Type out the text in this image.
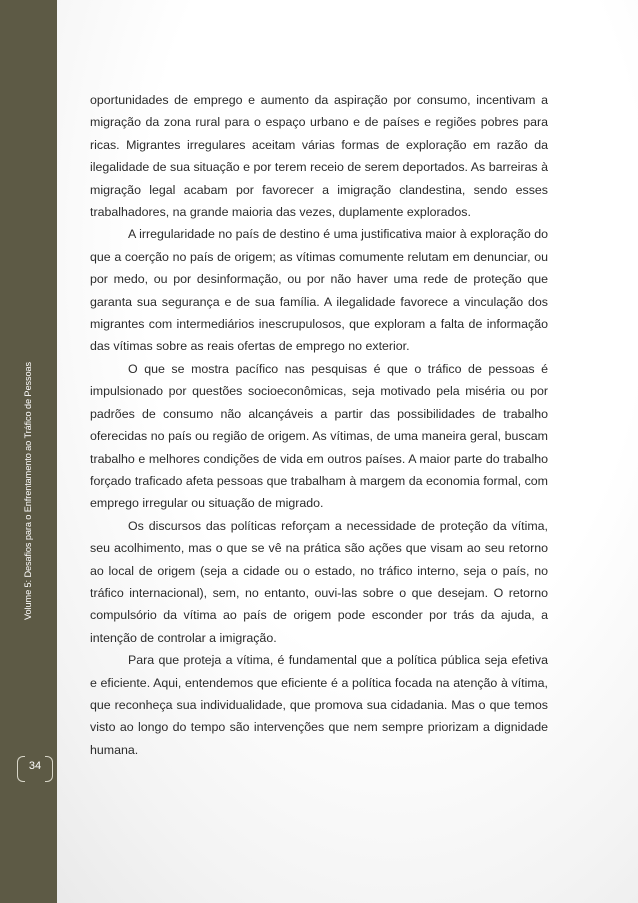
Volume 5: Desafios para o Enfrentamento ao Tráfico de Pessoas
34

oportunidades de emprego e aumento da aspiração por consumo, incentivam a migração da zona rural para o espaço urbano e de países e regiões pobres para ricas. Migrantes irregulares aceitam várias formas de exploração em razão da ilegalidade de sua situação e por terem receio de serem deportados. As barreiras à migração legal acabam por favorecer a imigração clandestina, sendo esses trabalhadores, na grande maioria das vezes, duplamente explorados.

A irregularidade no país de destino é uma justificativa maior à exploração do que a coerção no país de origem; as vítimas comumente relutam em denunciar, ou por medo, ou por desinformação, ou por não haver uma rede de proteção que garanta sua segurança e de sua família. A ilegalidade favorece a vinculação dos migrantes com intermediários inescrupulosos, que exploram a falta de informação das vítimas sobre as reais ofertas de emprego no exterior.

O que se mostra pacífico nas pesquisas é que o tráfico de pessoas é impulsionado por questões socioeconômicas, seja motivado pela miséria ou por padrões de consumo não alcançáveis a partir das possibilidades de trabalho oferecidas no país ou região de origem. As vítimas, de uma maneira geral, buscam trabalho e melhores condições de vida em outros países. A maior parte do trabalho forçado traficado afeta pessoas que trabalham à margem da economia formal, com emprego irregular ou situação de migrado.

Os discursos das políticas reforçam a necessidade de proteção da vítima, seu acolhimento, mas o que se vê na prática são ações que visam ao seu retorno ao local de origem (seja a cidade ou o estado, no tráfico interno, seja o país, no tráfico internacional), sem, no entanto, ouvi-las sobre o que desejam. O retorno compulsório da vítima ao país de origem pode esconder por trás da ajuda, a intenção de controlar a imigração.

Para que proteja a vítima, é fundamental que a política pública seja efetiva e eficiente. Aqui, entendemos que eficiente é a política focada na atenção à vítima, que reconheça sua individualidade, que promova sua cidadania. Mas o que temos visto ao longo do tempo são intervenções que nem sempre priorizam a dignidade humana.
